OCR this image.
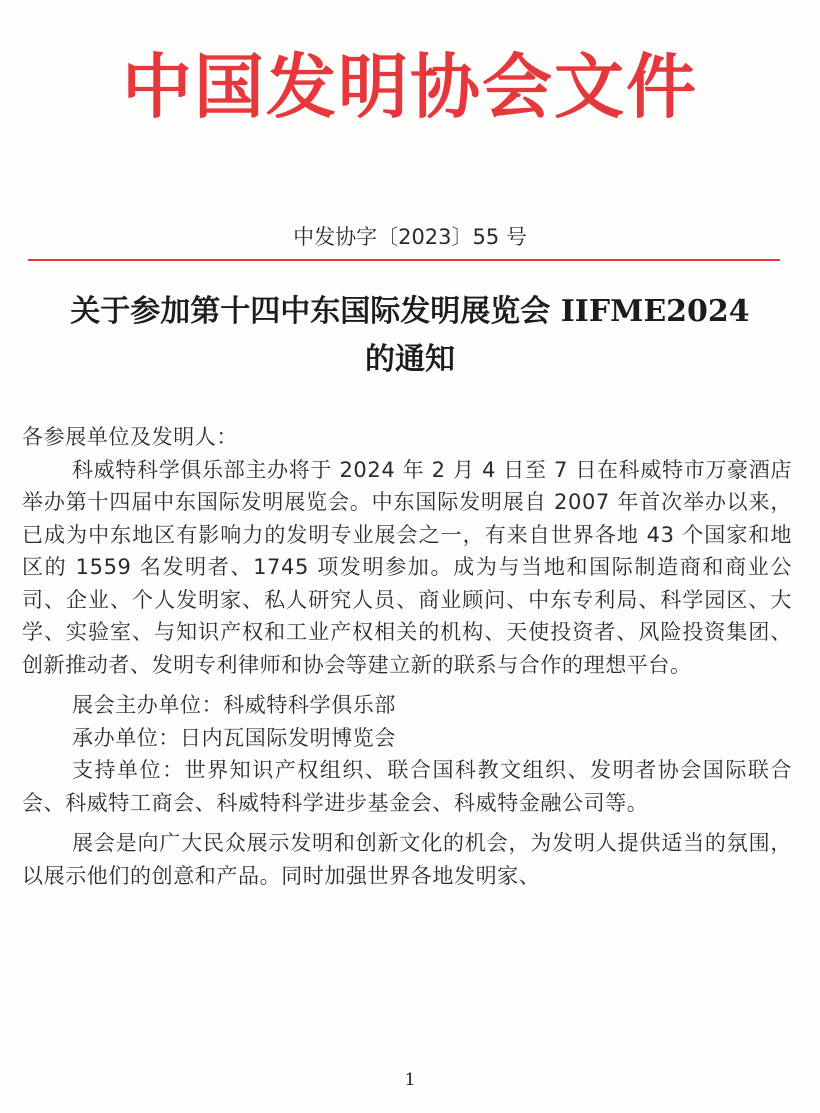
中国发明协会文件
中发协字〔2023〕55 号
关于参加第十四中东国际发明展览会 IIFME2024
的通知

各参展单位及发明人：

科威特科学俱乐部主办将于 2024 年 2 月 4 日至 7 日在科威特市万豪酒店举办第十四届中东国际发明展览会。中东国际发明展自 2007 年首次举办以来，已成为中东地区有影响力的发明专业展会之一，有来自世界各地 43 个国家和地区的 1559 名发明者、1745 项发明参加。成为与当地和国际制造商和商业公司、企业、个人发明家、私人研究人员、商业顾问、中东专利局、科学园区、大学、实验室、与知识产权和工业产权相关的机构、天使投资者、风险投资集团、创新推动者、发明专利律师和协会等建立新的联系与合作的理想平台。

展会主办单位：科威特科学俱乐部

承办单位：日内瓦国际发明博览会

支持单位：世界知识产权组织、联合国科教文组织、发明者协会国际联合会、科威特工商会、科威特科学进步基金会、科威特金融公司等。

展会是向广大民众展示发明和创新文化的机会，为发明人提供适当的氛围，以展示他们的创意和产品。同时加强世界各地发明家、

1
